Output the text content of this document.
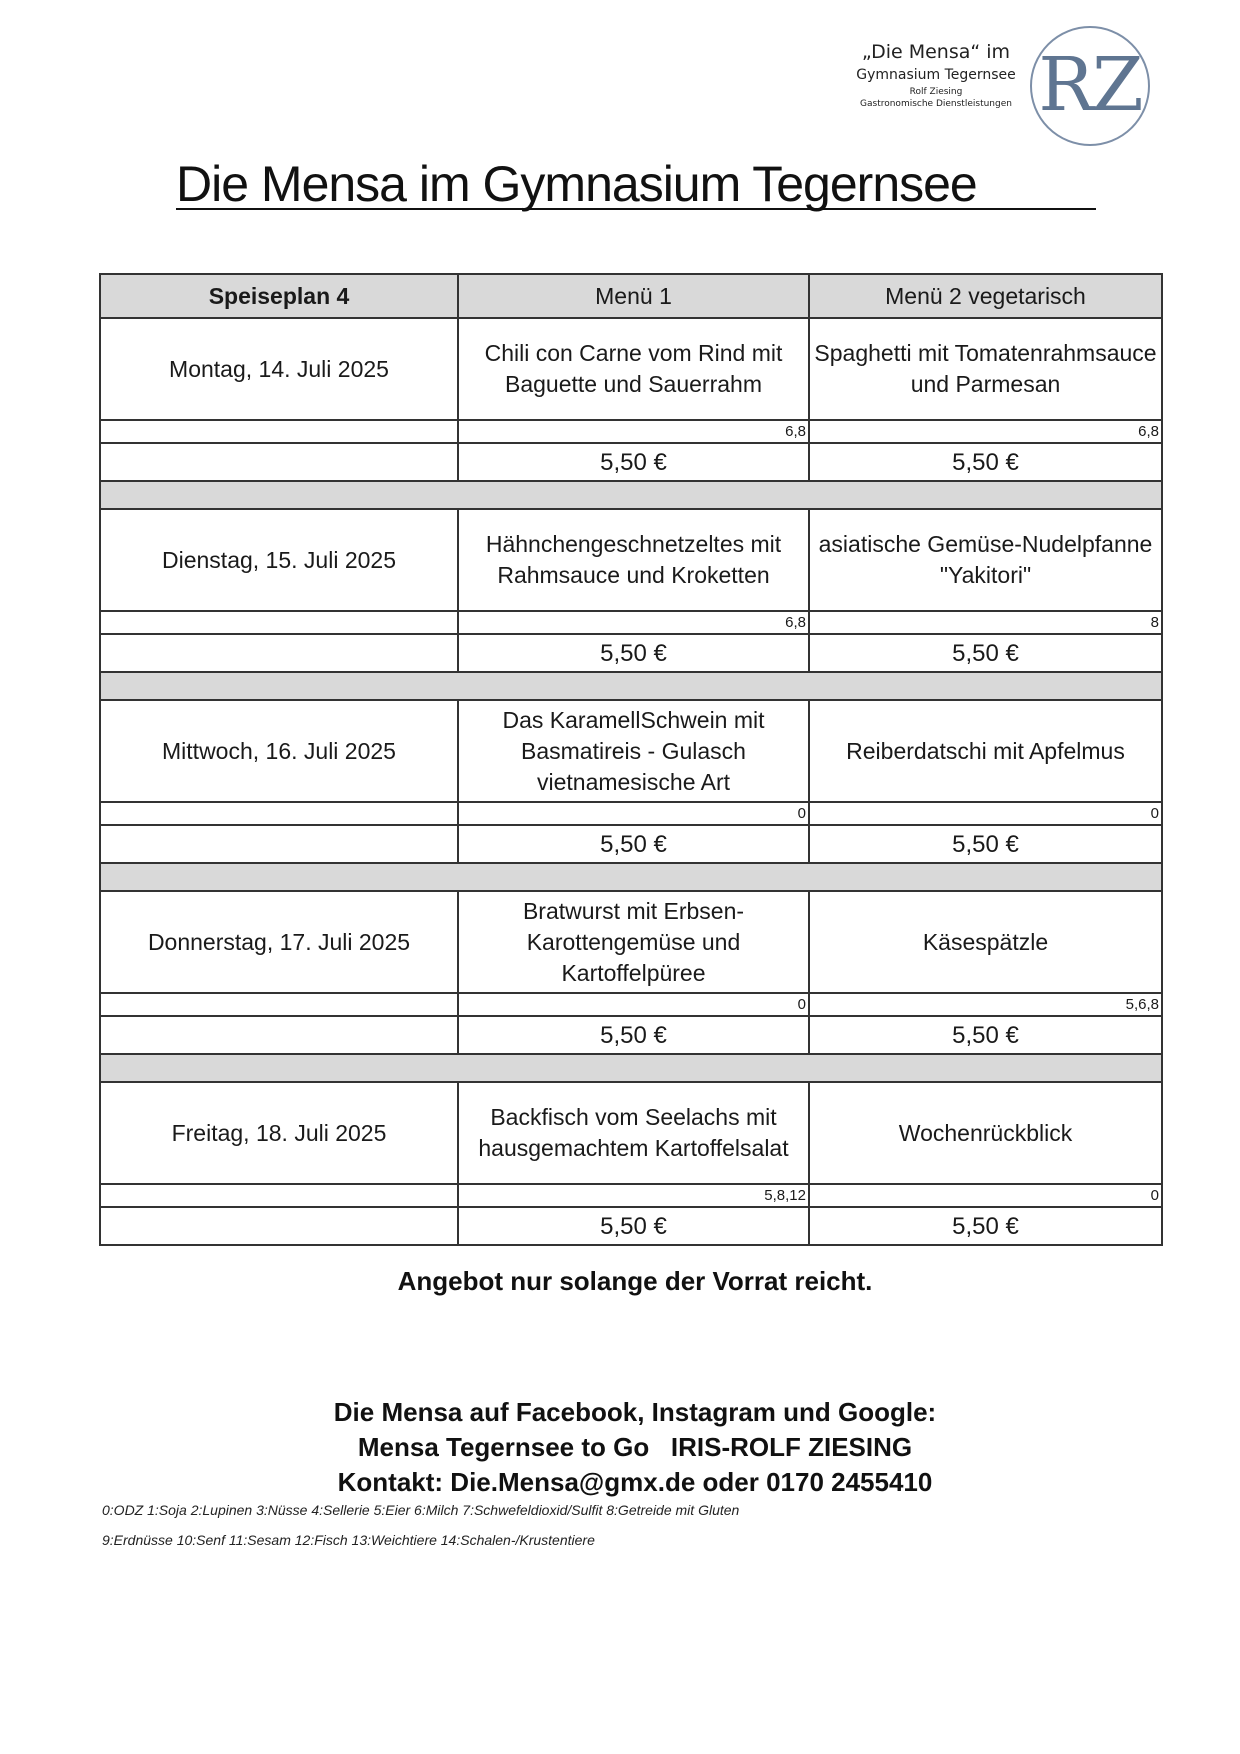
„Die Mensa“ im
Gymnasium Tegernsee
Rolf Ziesing
Gastronomische Dienstleistungen RZ
Die Mensa im Gymnasium Tegernsee
Speiseplan 4	Menü 1	Menü 2 vegetarisch
Montag, 14. Juli 2025	Chili con Carne vom Rind mit Baguette und Sauerrahm	Spaghetti mit Tomatenrahmsauce und Parmesan
	6,8	6,8
	5,50 €	5,50 €

Dienstag, 15. Juli 2025	Hähnchengeschnetzeltes mit Rahmsauce und Kroketten	asiatische Gemüse-Nudelpfanne "Yakitori"
	6,8	8
	5,50 €	5,50 €

Mittwoch, 16. Juli 2025	Das KaramellSchwein mit Basmatireis - Gulasch vietnamesische Art	Reiberdatschi mit Apfelmus
	0	0
	5,50 €	5,50 €

Donnerstag, 17. Juli 2025	Bratwurst mit Erbsen-Karottengemüse und Kartoffelpüree	Käsespätzle
	0	5,6,8
	5,50 €	5,50 €

Freitag, 18. Juli 2025	Backfisch vom Seelachs mit hausgemachtem Kartoffelsalat	Wochenrückblick
	5,8,12	0
	5,50 €	5,50 €
Angebot nur solange der Vorrat reicht.
Die Mensa auf Facebook, Instagram und Google:
Mensa Tegernsee to Go   IRIS-ROLF ZIESING
Kontakt: Die.Mensa@gmx.de oder 0170 2455410
0:ODZ 1:Soja 2:Lupinen 3:Nüsse 4:Sellerie 5:Eier 6:Milch 7:Schwefeldioxid/Sulfit 8:Getreide mit Gluten
9:Erdnüsse 10:Senf 11:Sesam 12:Fisch 13:Weichtiere 14:Schalen-/Krustentiere
